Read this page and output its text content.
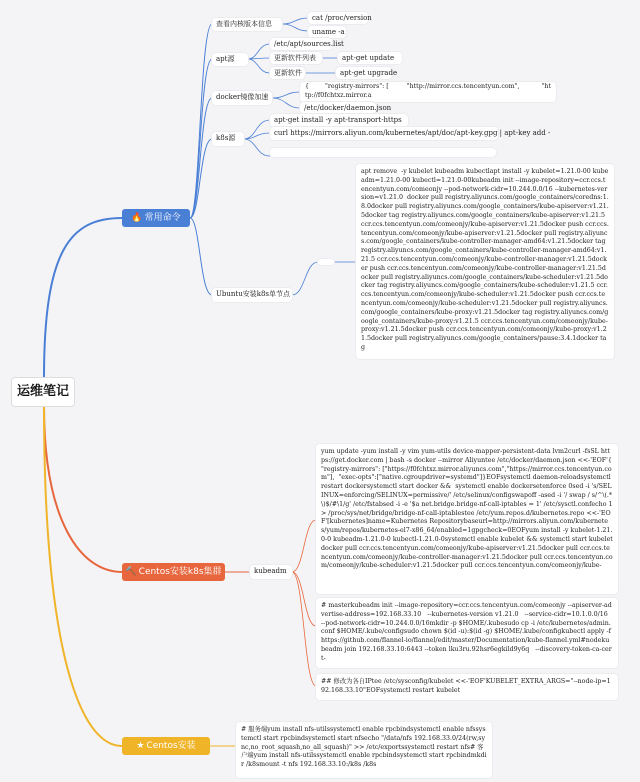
运维笔记
🔥 常用命令
查看内核版本信息
cat /proc/version
uname -a
apt源
/etc/apt/sources.list
更新软件列表	apt-get update
更新软件	apt-get upgrade
docker镜像加速
{        "registry-mirrors": [         "http://mirror.ccs.tencentyun.com",           "http://f0fchtxz.mirror.a
/etc/docker/daemon.json
k8s源
apt-get install -y apt-transport-https
curl https://mirrors.aliyun.com/kubernetes/apt/doc/apt-key.gpg | apt-key add -
Ubuntu安装k8s单节点
apt remove  -y kubelet kubeadm kubectlapt install -y kubelet=1.21.0-00 kubeadm=1.21.0-00 kubectl=1.21.0-00kubeadm init --image-repository=ccr.ccs.tencentyun.com/comeonjy --pod-network-cidr=10.244.0.0/16 --kubernetes-version=v1.21.0  docker pull registry.aliyuncs.com/google_containers/coredns:1.8.0docker pull registry.aliyuncs.com/google_containers/kube-apiserver:v1.21.5docker tag registry.aliyuncs.com/google_containers/kube-apiserver:v1.21.5 ccr.ccs.tencentyun.com/comeonjy/kube-apiserver:v1.21.5docker push ccr.ccs.tencentyun.com/comeonjy/kube-apiserver:v1.21.5docker pull registry.aliyuncs.com/google_containers/kube-controller-manager-amd64:v1.21.5docker tag registry.aliyuncs.com/google_containers/kube-controller-manager-amd64:v1.21.5 ccr.ccs.tencentyun.com/comeonjy/kube-controller-manager:v1.21.5docker push ccr.ccs.tencentyun.com/comeonjy/kube-controller-manager:v1.21.5docker pull registry.aliyuncs.com/google_containers/kube-scheduler:v1.21.5docker tag registry.aliyuncs.com/google_containers/kube-scheduler:v1.21.5 ccr.ccs.tencentyun.com/comeonjy/kube-scheduler:v1.21.5docker push ccr.ccs.tencentyun.com/comeonjy/kube-scheduler:v1.21.5docker pull registry.aliyuncs.com/google_containers/kube-proxy:v1.21.5docker tag registry.aliyuncs.com/google_containers/kube-proxy:v1.21.5 ccr.ccs.tencentyun.com/comeonjy/kube-proxy:v1.21.5docker push ccr.ccs.tencentyun.com/comeonjy/kube-proxy:v1.21.5docker pull registry.aliyuncs.com/google_containers/pause:3.4.1docker tag
🔨 Centos安装k8s集群	kubeadm
yum update -yum install -y vim yum-utils device-mapper-persistent-data lvm2curl -fsSL https://get.docker.com | bash -s docker --mirror Aliyuntee /etc/docker/daemon.json <<-'EOF'{   "registry-mirrors": ["https://f0fchtxz.mirror.aliyuncs.com","https://mirror.ccs.tencentyun.com"],  "exec-opts":["native.cgroupdriver=systemd"]}EOFsystemctl daemon-reloadsystemctl restart dockersystemctl start docker &&  systemctl enable dockersetenforce 0sed -i 's/SELINUX=enforcing/SELINUX=permissive/' /etc/selinux/configswapoff -ased -i '/ swap / s/^\(.*\)$/#\1/g' /etc/fstabsed -i -e '$a net.bridge.bridge-nf-call-iptables = 1' /etc/sysctl.confecho 1 > /proc/sys/net/bridge/bridge-nf-call-iptablestee /etc/yum.repos.d/kubernetes.repo <<-'EOF'[kubernetes]name=Kubernetes Repositorybaseurl=http://mirrors.aliyun.com/kubernetes/yum/repos/kubernetes-el7-x86_64/enabled=1gpgcheck=0EOFyum install -y kubelet-1.21.0-0 kubeadm-1.21.0-0 kubectl-1.21.0-0systemctl enable kubelet && systemctl start kubeletdocker pull ccr.ccs.tencentyun.com/comeonjy/kube-apiserver:v1.21.5docker pull ccr.ccs.tencentyun.com/comeonjy/kube-controller-manager:v1.21.5docker pull ccr.ccs.tencentyun.com/comeonjy/kube-scheduler:v1.21.5docker pull ccr.ccs.tencentyun.com/comeonjy/kube-
# masterkubeadm init --image-repository=ccr.ccs.tencentyun.com/comeonjy --apiserver-advertise-address=192.168.33.10   --kubernetes-version v1.21.0   --service-cidr=10.1.0.0/16  --pod-network-cidr=10.244.0.0/16mkdir -p $HOME/.kubesudo cp -i /etc/kubernetes/admin.conf $HOME/.kube/configsudo chown $(id -u):$(id -g) $HOME/.kube/configkubectl apply -f https://github.com/flannel-io/flannel/edit/master/Documentation/kube-flannel.yml#nodekubeadm join 192.168.33.10:6443 --token lku3ru.92hsr6egkild9y6q   --discovery-token-ca-cert-
## 修改为各自IPtee /etc/sysconfig/kubelet <<-'EOF'KUBELET_EXTRA_ARGS="--node-ip=192.168.33.10"EOFsystemctl restart kubelet
★ Centos安装
# 服务端yum install nfs-utilssystemctl enable rpcbindsystemctl enable nfssystemctl start rpcbindsystemctl start nfsecho "/data/nfs 192.168.33.0/24(rw,sync,no_root_squash,no_all_squash)" >> /etc/exportssystemctl restart nfs# 客户端yum install nfs-utilssystemctl enable rpcbindsystemctl start rpcbindmkdir /k8smount -t nfs 192.168.33.10:/k8s /k8s
